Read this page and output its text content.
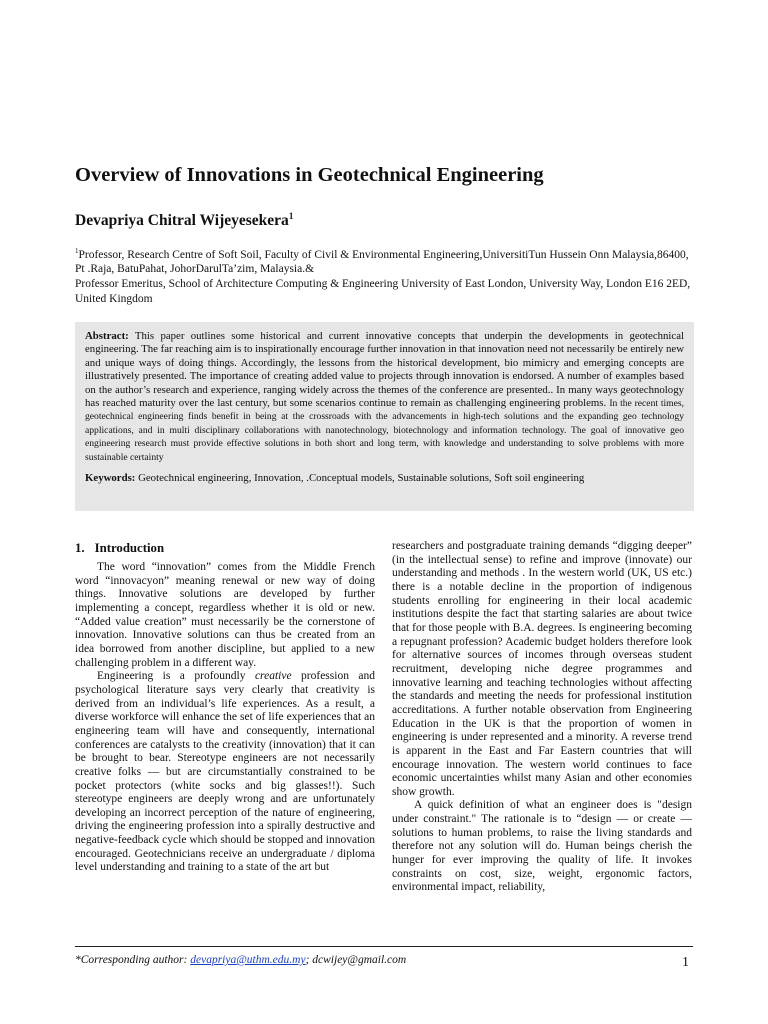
Overview of Innovations in Geotechnical Engineering
Devapriya Chitral Wijeyesekera$^1$

$^1$Professor, Research Centre of Soft Soil, Faculty of Civil & Environmental Engineering,UniversitiTun Hussein Onn Malaysia,86400, Pt .Raja, BatuPahat, JohorDarulTa’zim, Malaysia.&

Professor Emeritus, School of Architecture Computing & Engineering University of East London, University Way, London E16 2ED, United Kingdom

Abstract: This paper outlines some historical and current innovative concepts that underpin the developments in geotechnical engineering. The far reaching aim is to inspirationally encourage further innovation in that innovation need not necessarily be entirely new and unique ways of doing things. Accordingly, the lessons from the historical development, bio mimicry and emerging concepts are illustratively presented. The importance of creating added value to projects through innovation is endorsed. A number of examples based on the author’s research and experience, ranging widely across the themes of the conference are presented.. In many ways geotechnology has reached maturity over the last century, but some scenarios continue to remain as challenging engineering problems. In the recent times, geotechnical engineering finds benefit in being at the crossroads with the advancements in high-tech solutions and the expanding geo technology applications, and in multi disciplinary collaborations with nanotechnology, biotechnology and information technology. The goal of innovative geo engineering research must provide effective solutions in both short and long term, with knowledge and understanding to solve problems with more sustainable certainty

Keywords: Geotechnical engineering, Innovation, .Conceptual models, Sustainable solutions, Soft soil engineering

1. Introduction

The word “innovation” comes from the Middle French word “innovacyon” meaning renewal or new way of doing things. Innovative solutions are developed by further implementing a concept, regardless whether it is old or new. “Added value creation” must necessarily be the cornerstone of innovation. Innovative solutions can thus be created from an idea borrowed from another discipline, but applied to a new challenging problem in a different way.

Engineering is a profoundly creative profession and psychological literature says very clearly that creativity is derived from an individual’s life experiences. As a result, a diverse workforce will enhance the set of life experiences that an engineering team will have and consequently, international conferences are catalysts to the creativity (innovation) that it can be brought to bear. Stereotype engineers are not necessarily creative folks — but are circumstantially constrained to be pocket protectors (white socks and big glasses!!). Such stereotype engineers are deeply wrong and are unfortunately developing an incorrect perception of the nature of engineering, driving the engineering profession into a spirally destructive and negative-feedback cycle which should be stopped and innovation encouraged. Geotechnicians receive an undergraduate / diploma level understanding and training to a state of the art but

researchers and postgraduate training demands “digging deeper” (in the intellectual sense) to refine and improve (innovate) our understanding and methods . In the western world (UK, US etc.) there is a notable decline in the proportion of indigenous students enrolling for engineering in their local academic institutions despite the fact that starting salaries are about twice that for those people with B.A. degrees. Is engineering becoming a repugnant profession? Academic budget holders therefore look for alternative sources of incomes through overseas student recruitment, developing niche degree programmes and innovative learning and teaching technologies without affecting the standards and meeting the needs for professional institution accreditations. A further notable observation from Engineering Education in the UK is that the proportion of women in engineering is under represented and a minority. A reverse trend is apparent in the East and Far Eastern countries that will encourage innovation. The western world continues to face economic uncertainties whilst many Asian and other economies show growth.

A quick definition of what an engineer does is "design under constraint." The rationale is to “design — or create —solutions to human problems, to raise the living standards and therefore not any solution will do. Human beings cherish the hunger for ever improving the quality of life. It invokes constraints on cost, size, weight, ergonomic factors, environmental impact, reliability,

*Corresponding author: devapriya@uthm.edu.my; dcwijey@gmail.com	1
